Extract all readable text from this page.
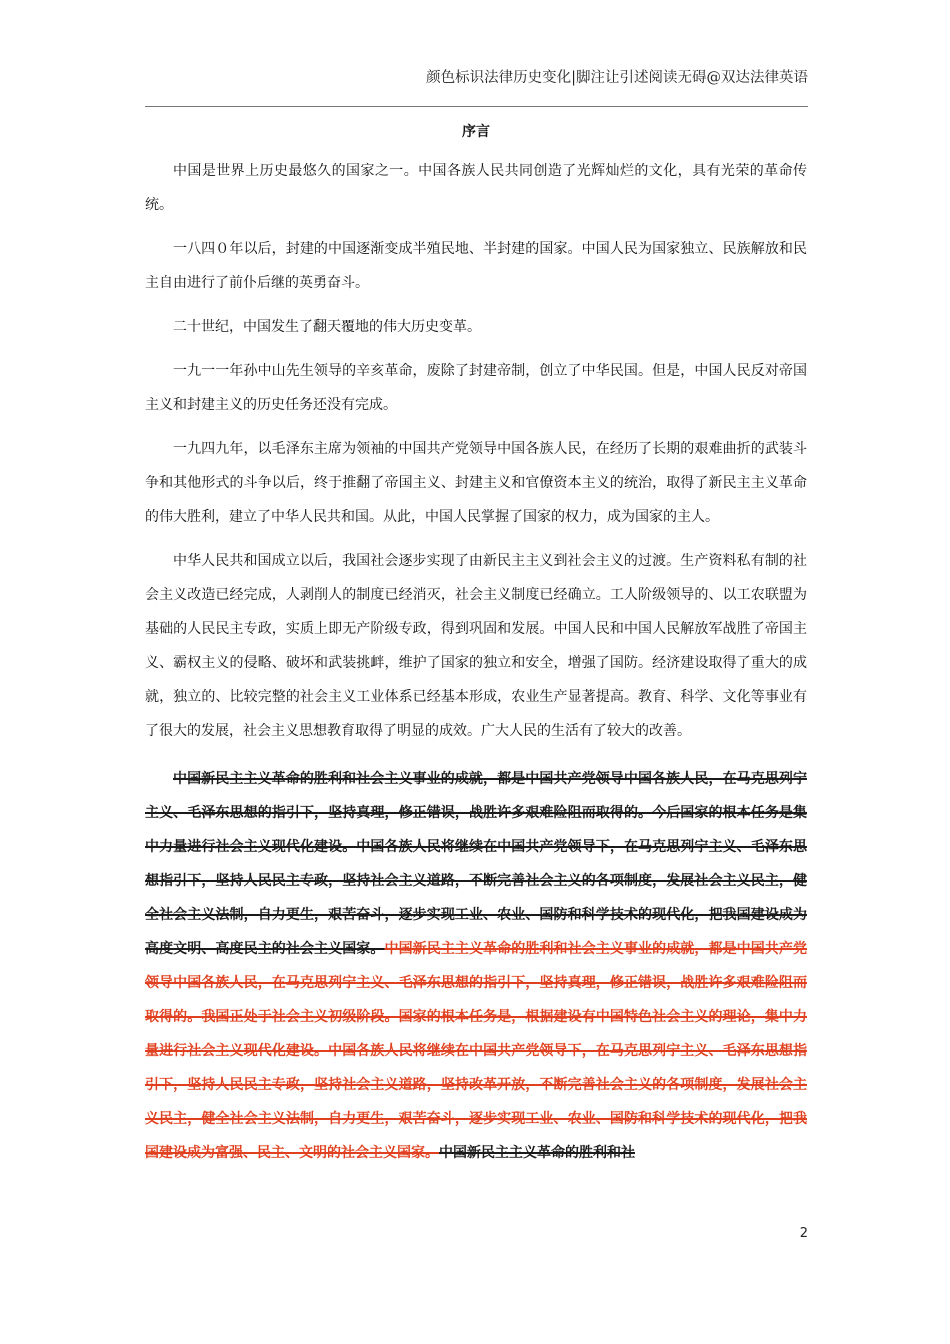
颜色标识法律历史变化|脚注让引述阅读无碍@双达法律英语
序言

中国是世界上历史最悠久的国家之一。中国各族人民共同创造了光辉灿烂的文化，具有光荣的革命传统。

一八四０年以后，封建的中国逐渐变成半殖民地、半封建的国家。中国人民为国家独立、民族解放和民主自由进行了前仆后继的英勇奋斗。

二十世纪，中国发生了翻天覆地的伟大历史变革。

一九一一年孙中山先生领导的辛亥革命，废除了封建帝制，创立了中华民国。但是，中国人民反对帝国主义和封建主义的历史任务还没有完成。

一九四九年，以毛泽东主席为领袖的中国共产党领导中国各族人民，在经历了长期的艰难曲折的武装斗争和其他形式的斗争以后，终于推翻了帝国主义、封建主义和官僚资本主义的统治，取得了新民主主义革命的伟大胜利，建立了中华人民共和国。从此，中国人民掌握了国家的权力，成为国家的主人。

中华人民共和国成立以后，我国社会逐步实现了由新民主主义到社会主义的过渡。生产资料私有制的社会主义改造已经完成，人剥削人的制度已经消灭，社会主义制度已经确立。工人阶级领导的、以工农联盟为基础的人民民主专政，实质上即无产阶级专政，得到巩固和发展。中国人民和中国人民解放军战胜了帝国主义、霸权主义的侵略、破坏和武装挑衅，维护了国家的独立和安全，增强了国防。经济建设取得了重大的成就，独立的、比较完整的社会主义工业体系已经基本形成，农业生产显著提高。教育、科学、文化等事业有了很大的发展，社会主义思想教育取得了明显的成效。广大人民的生活有了较大的改善。

中国新民主主义革命的胜利和社会主义事业的成就，都是中国共产党领导中国各族人民，在马克思列宁主义、毛泽东思想的指引下，坚持真理，修正错误，战胜许多艰难险阻而取得的。今后国家的根本任务是集中力量进行社会主义现代化建设。中国各族人民将继续在中国共产党领导下，在马克思列宁主义、毛泽东思想指引下，坚持人民民主专政，坚持社会主义道路，不断完善社会主义的各项制度，发展社会主义民主，健全社会主义法制，自力更生，艰苦奋斗，逐步实现工业、农业、国防和科学技术的现代化，把我国建设成为高度文明、高度民主的社会主义国家。中国新民主主义革命的胜利和社会主义事业的成就，都是中国共产党领导中国各族人民，在马克思列宁主义、毛泽东思想的指引下，坚持真理，修正错误，战胜许多艰难险阻而取得的。我国正处于社会主义初级阶段。国家的根本任务是，根据建设有中国特色社会主义的理论，集中力量进行社会主义现代化建设。中国各族人民将继续在中国共产党领导下，在马克思列宁主义、毛泽东思想指引下，坚持人民民主专政，坚持社会主义道路，坚持改革开放，不断完善社会主义的各项制度，发展社会主义民主，健全社会主义法制，自力更生，艰苦奋斗，逐步实现工业、农业、国防和科学技术的现代化，把我国建设成为富强、民主、文明的社会主义国家。中国新民主主义革命的胜利和社
2
